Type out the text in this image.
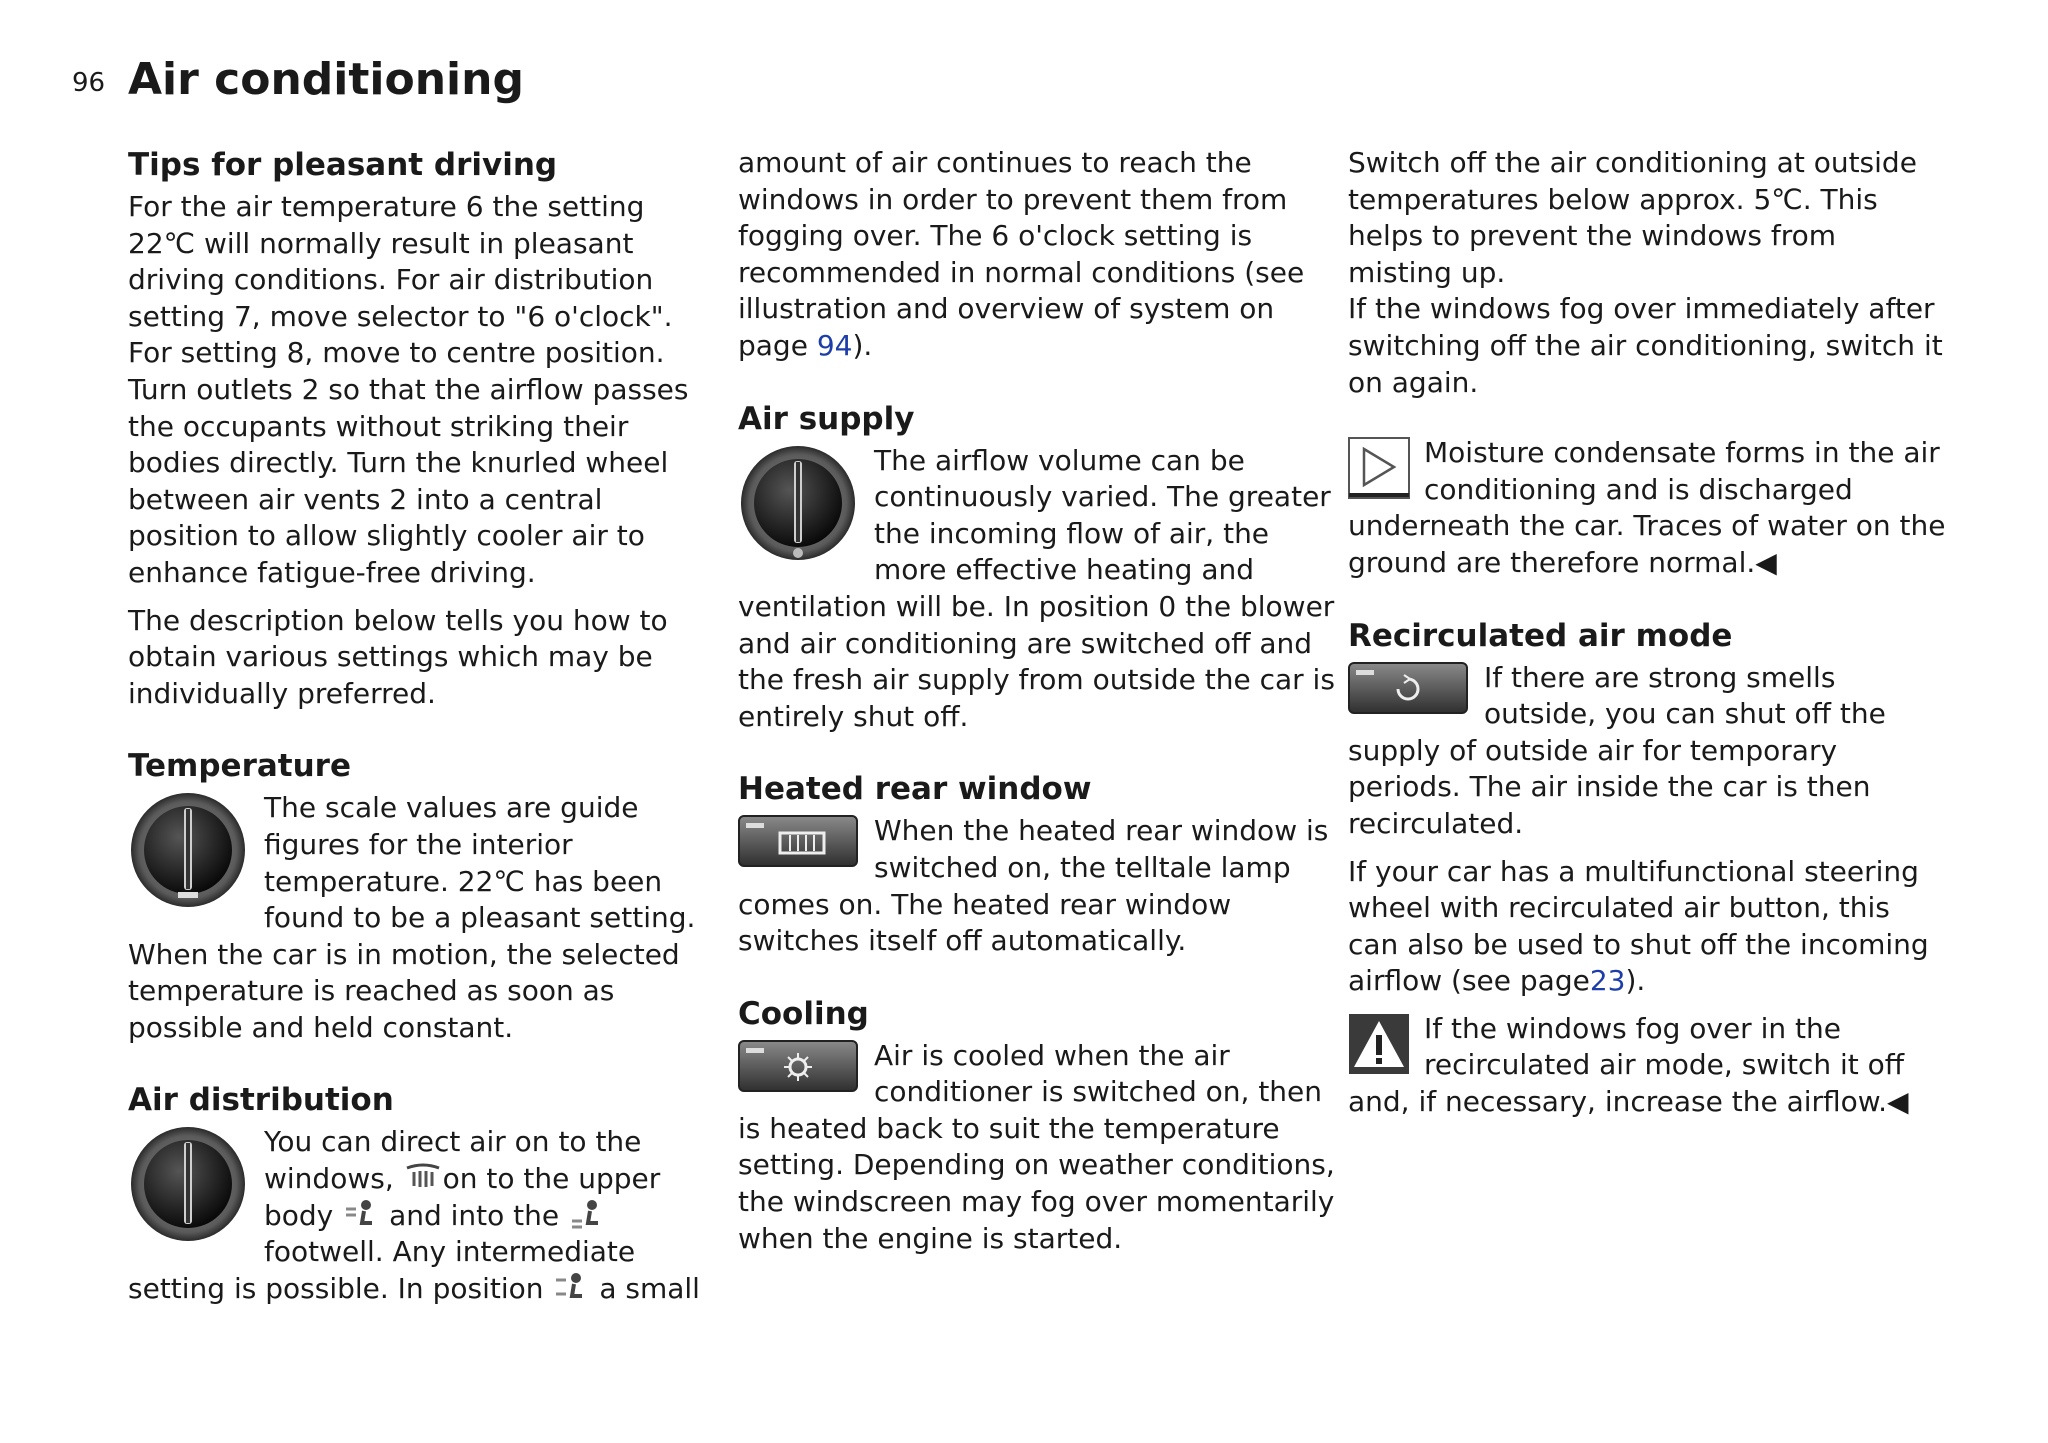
96 Air conditioning
Tips for pleasant driving

For the air temperature 6 the setting 22℃ will normally result in pleasant driving conditions. For air distribution setting 7, move selector to "6 o'clock". For setting 8, move to centre position. Turn outlets 2 so that the airflow passes the occupants without striking their bodies directly. Turn the knurled wheel between air vents 2 into a central position to allow slightly cooler air to enhance fatigue-free driving.

The description below tells you how to obtain various settings which may be individually preferred.

Temperature

The scale values are guide figures for the interior temperature. 22℃ has been found to be a pleasant setting. When the car is in motion, the selected temperature is reached as soon as possible and held constant.

Air distribution

You can direct air on to the windows, on to the upper body and into the  footwell. Any intermediate setting is possible. In position a small

amount of air continues to reach the windows in order to prevent them from fogging over. The 6 o'clock setting is recommended in normal conditions (see illustration and overview of system on page 94).

Air supply

The airflow volume can be continuously varied. The greater the incoming flow of air, the more effective heating and ventilation will be. In position 0 the blower and air conditioning are switched off and the fresh air supply from outside the car is entirely shut off.

Heated rear window

When the heated rear window is switched on, the telltale lamp comes on. The heated rear window switches itself off automatically.

Cooling

Air is cooled when the air conditioner is switched on, then is heated back to suit the temperature setting. Depending on weather conditions, the windscreen may fog over momentarily when the engine is started.

Switch off the air conditioning at outside temperatures below approx. 5℃. This helps to prevent the windows from misting up.

If the windows fog over immediately after switching off the air conditioning, switch it on again.

Moisture condensate forms in the air conditioning and is discharged underneath the car. Traces of water on the ground are therefore normal.◀

Recirculated air mode

If there are strong smells outside, you can shut off the supply of outside air for temporary periods. The air inside the car is then recirculated.

If your car has a multifunctional steering wheel with recirculated air button, this can also be used to shut off the incoming airflow (see page23).

If the windows fog over in the recirculated air mode, switch it off and, if necessary, increase the airflow.◀
